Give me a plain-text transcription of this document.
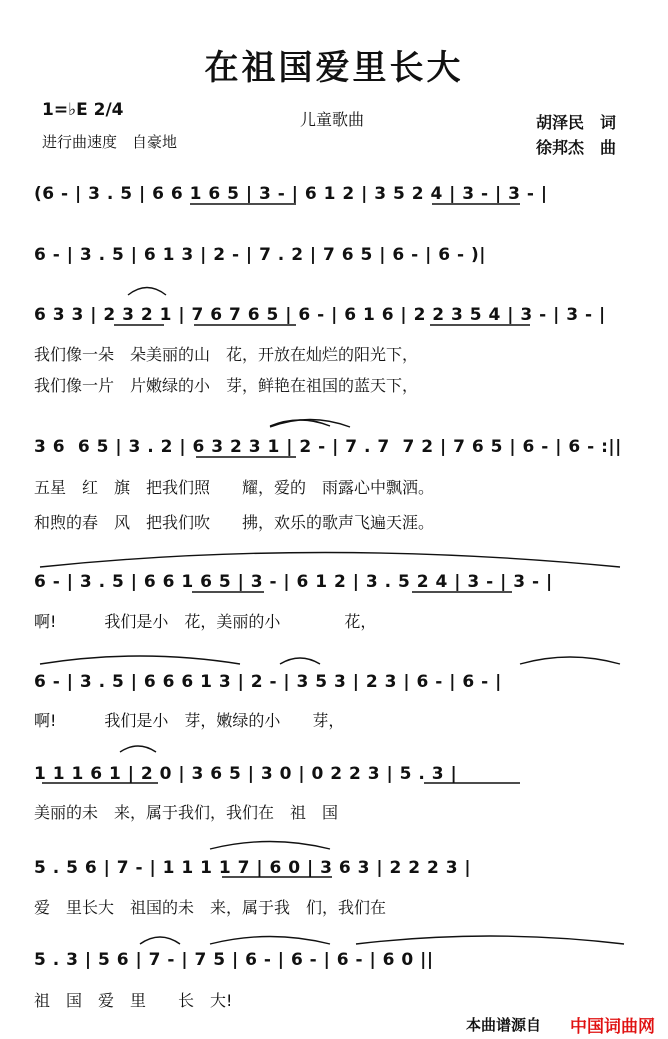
在祖国爱里长大
1=♭E 2/4	儿童歌曲
进行曲速度　自豪地
胡泽民　词
徐邦杰　曲
(6 - | 3 . 5 | 6 6 1 6 5 | 3 - | 6 1 2 | 3 5 2 4 | 3 - | 3 - |
6 - | 3 . 5 | 6 1 3 | 2 - | 7 . 2 | 7 6 5 | 6 - | 6 - )|
6 3 3 | 2 3 2 1 | 7 6 7 6 5 | 6 - | 6 1 6 | 2 2 3 5 4 | 3 - | 3 - |
我们像一朵　朵美丽的山　花，开放在灿烂的阳光下，
我们像一片　片嫩绿的小　芽，鲜艳在祖国的蓝天下，
3 6  6 5 | 3 . 2 | 6 3 2 3 1 | 2 - | 7 . 7  7 2 | 7 6 5 | 6 - | 6 - :||
五星　红　旗　把我们照　　耀，爱的　雨露心中飘洒。
和煦的春　风　把我们吹　　拂，欢乐的歌声飞遍天涯。
6 - | 3 . 5 | 6 6 1 6 5 | 3 - | 6 1 2 | 3 . 5 2 4 | 3 - | 3 - |
啊!　　　我们是小　花，美丽的小　　　　花，
6 - | 3 . 5 | 6 6 6 1 3 | 2 - | 3 5 3 | 2 3 | 6 - | 6 - |
啊!　　　我们是小　芽，嫩绿的小　　芽，
1 1 1 6 1 | 2 0 | 3 6 5 | 3 0 | 0 2 2 3 | 5 . 3 |
美丽的未　来，属于我们，我们在　祖　国
5 . 5 6 | 7 - | 1 1 1 1 7 | 6 0 | 3 6 3 | 2 2 2 3 |
爱　里长大　祖国的未　来，属于我　们，我们在
5 . 3 | 5 6 | 7 - | 7 5 | 6 - | 6 - | 6 - | 6 0 ||
祖　国　爱　里　　长　大!
本曲谱源自 中国词曲网
